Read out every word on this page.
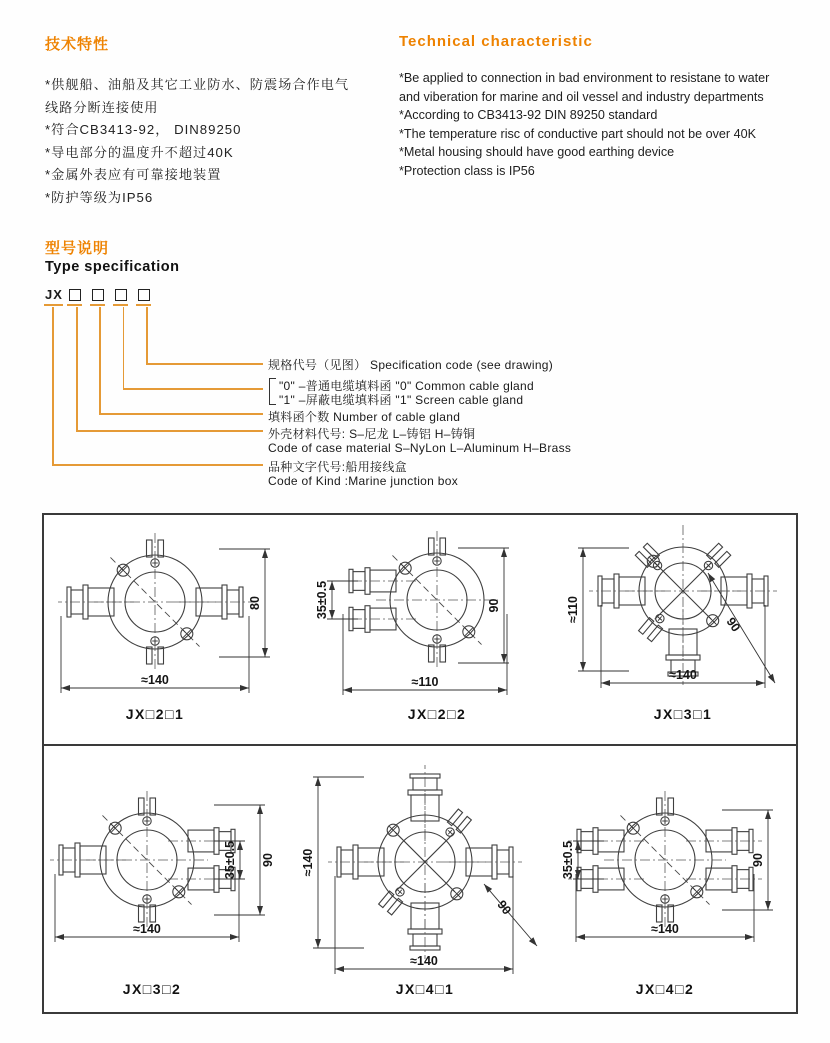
技术特性
*供舰船、油船及其它工业防水、防震场合作电气
线路分断连接使用
*符合CB3413-92， DIN89250
*导电部分的温度升不超过40K
*金属外表应有可靠接地装置
*防护等级为IP56
Technical characteristic
*Be applied to connection in bad environment to resistane to water
and viberation for marine and oil vessel and industry departments
*According to CB3413-92 DIN 89250 standard
*The temperature risc of conductive part should not be over 40K
*Metal housing should have good earthing device
*Protection class is IP56
型号说明
Type specification
JX
规格代号（见图） Specification code (see drawing)
"0" –普通电缆填料函 "0" Common cable gland
"1" –屏蔽电缆填料函 "1" Screen cable gland
填料函个数 Number of cable gland
外壳材料代号: S–尼龙 L–铸铝 H–铸铜
Code of case material S–NyLon L–Aluminum H–Brass
品种文字代号:船用接线盒
Code of Kind :Marine junction box
≈140
80
JX□2□1
35±0.5
≈110
90
JX□2□2
≈110
≈140
90
JX□3□1
≈140
35±0.5 90
JX□3□2
≈140
≈140
90
JX□4□1
35±0.5	90
≈140
JX□4□2
